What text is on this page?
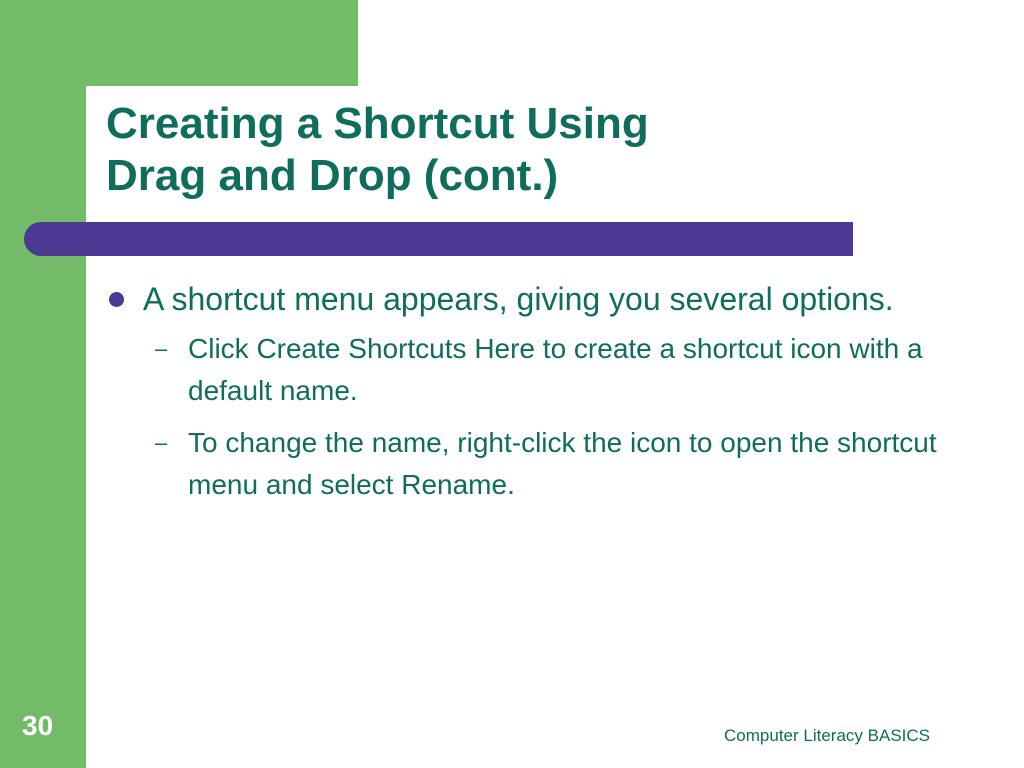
Creating a Shortcut Using
Drag and Drop (cont.)
A shortcut menu appears, giving you several options.
– Click Create Shortcuts Here to create a shortcut icon with a default name.
– To change the name, right-click the icon to open the shortcut menu and select Rename.
30	Computer Literacy BASICS
